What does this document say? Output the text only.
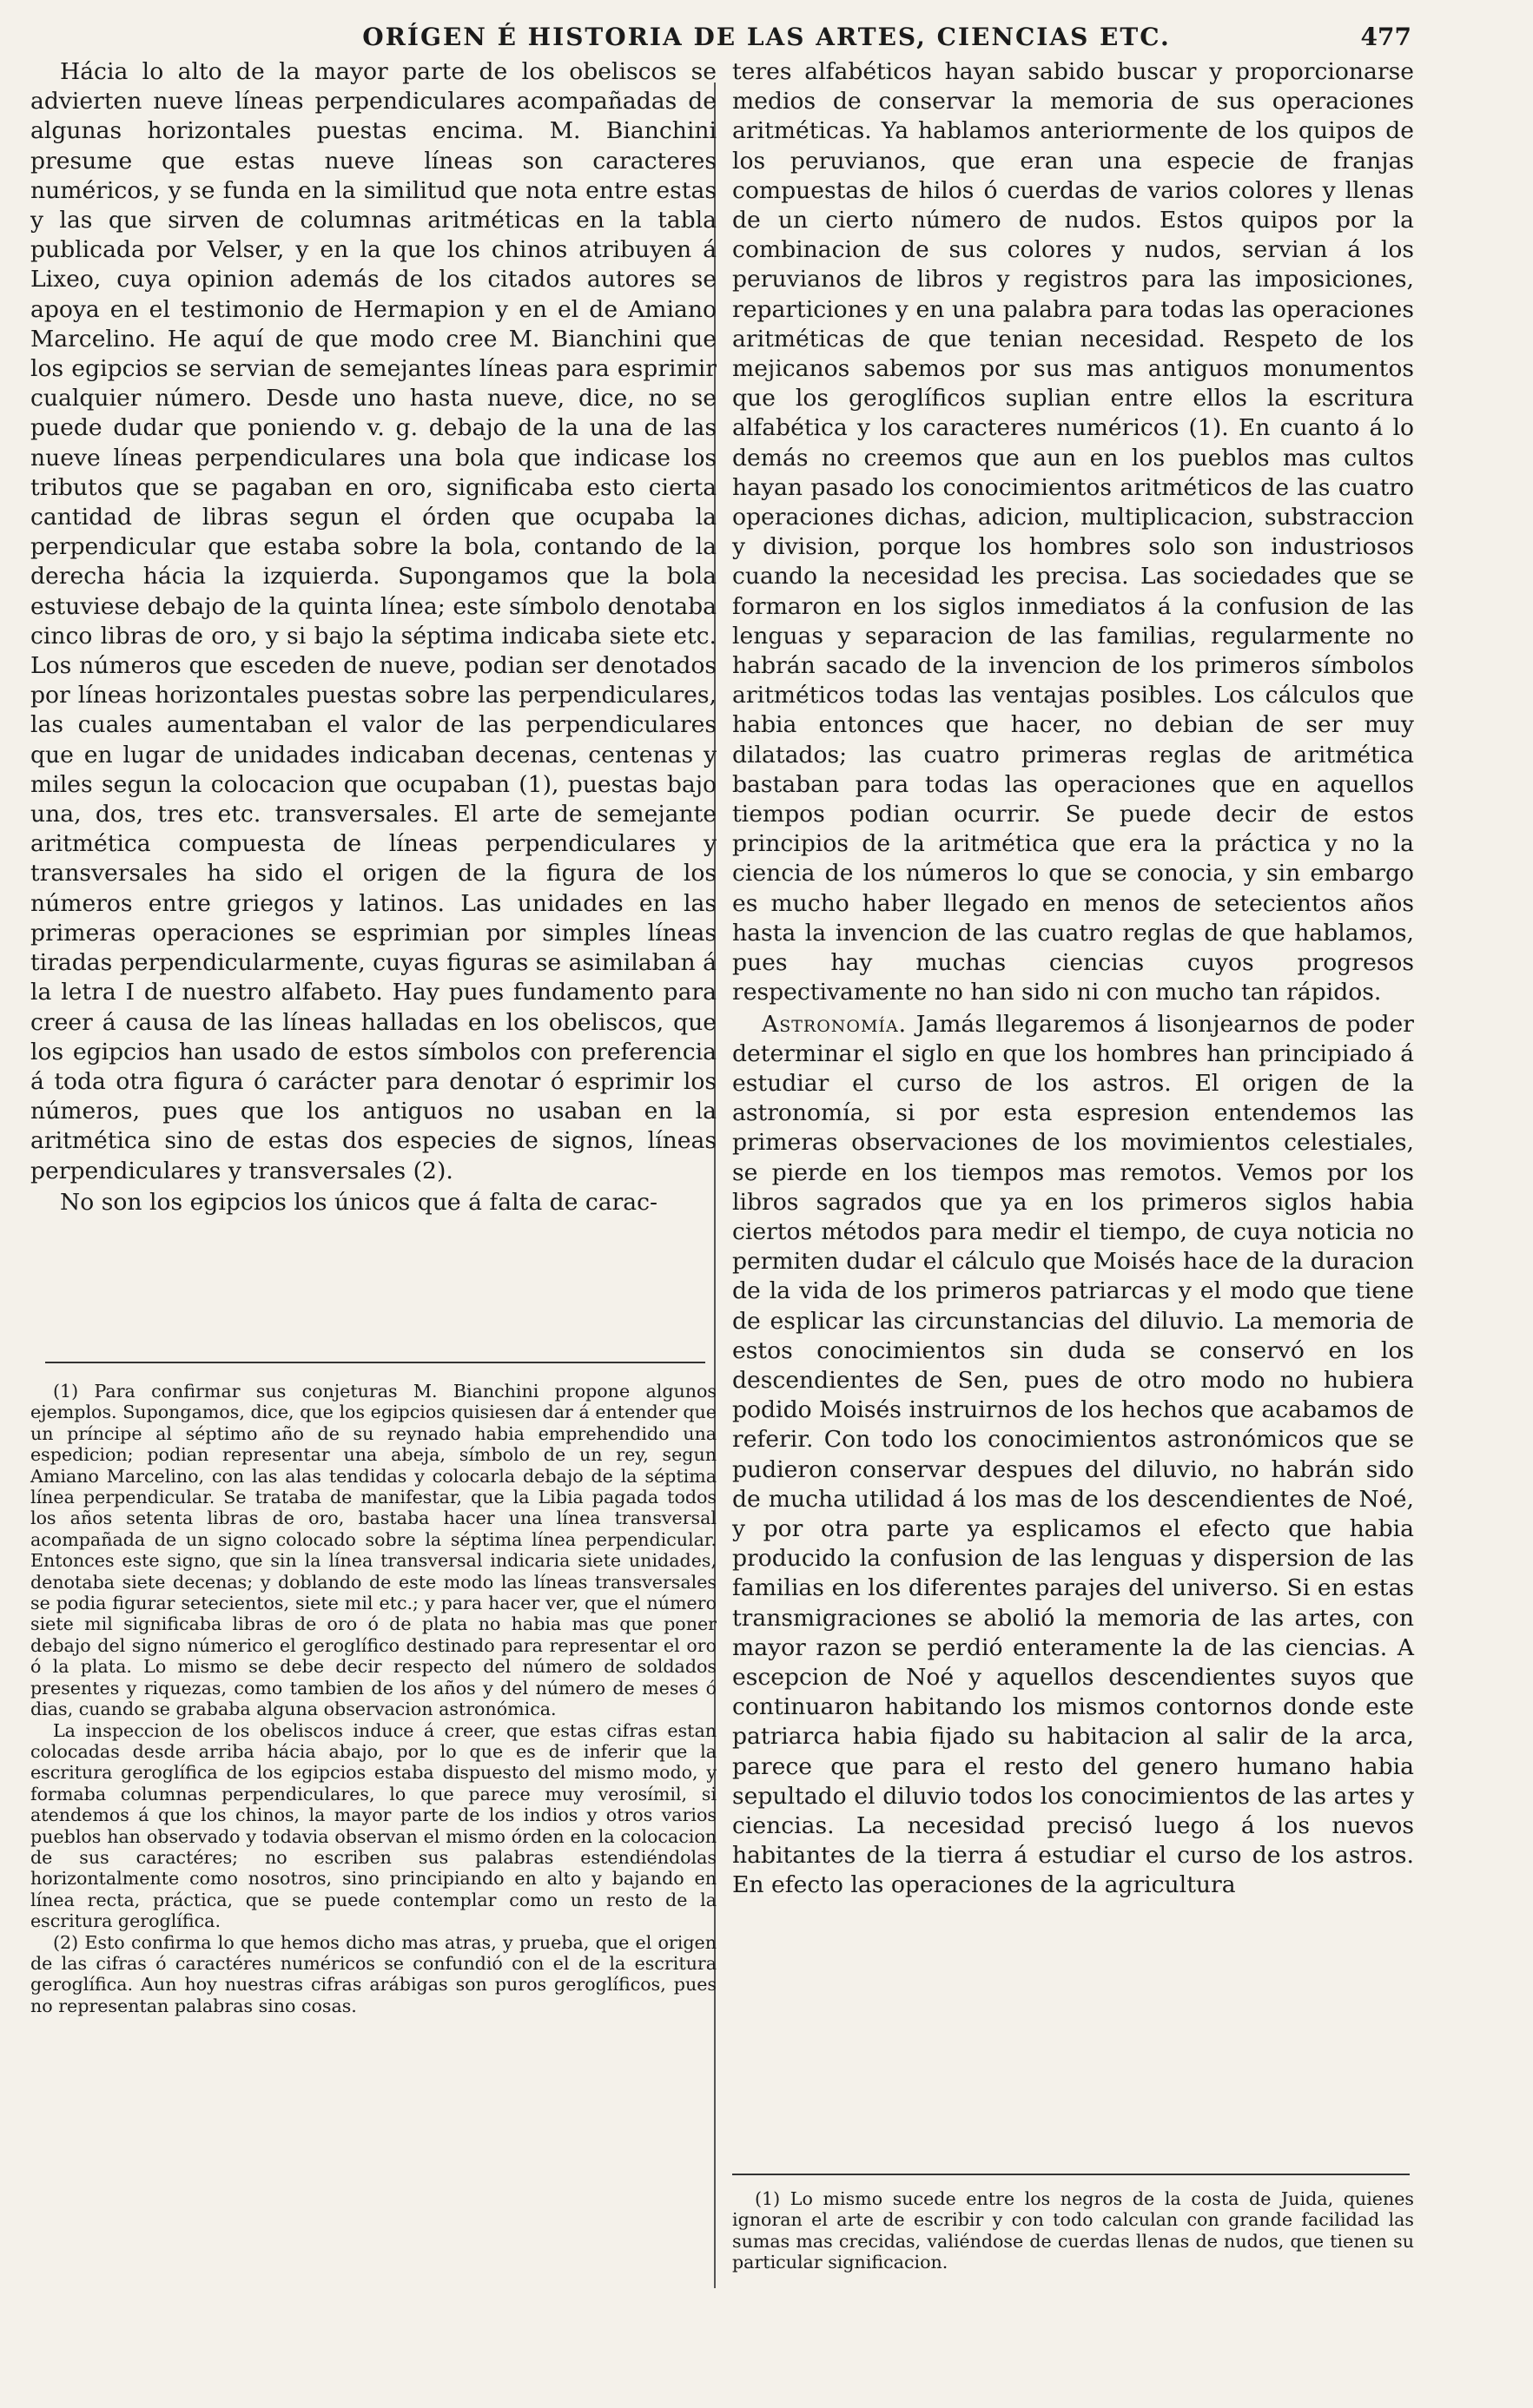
ORÍGEN É HISTORIA DE LAS ARTES, CIENCIAS ETC.	477

Hácia lo alto de la mayor parte de los obeliscos se advierten nueve líneas perpendiculares acompañadas de algunas horizontales puestas encima. M. Bianchini presume que estas nueve líneas son caracteres numéricos, y se funda en la similitud que nota entre estas y las que sirven de columnas aritméticas en la tabla publicada por Velser, y en la que los chinos atribuyen á Lixeo, cuya opinion además de los citados autores se apoya en el testimonio de Hermapion y en el de Amiano Marcelino. He aquí de que modo cree M. Bianchini que los egipcios se servian de semejantes líneas para esprimir cualquier número. Desde uno hasta nueve, dice, no se puede dudar que poniendo v. g. debajo de la una de las nueve líneas perpendiculares una bola que indicase los tributos que se pagaban en oro, significaba esto cierta cantidad de libras segun el órden que ocupaba la perpendicular que estaba sobre la bola, contando de la derecha hácia la izquierda. Supongamos que la bola estuviese debajo de la quinta línea; este símbolo denotaba cinco libras de oro, y si bajo la séptima indicaba siete etc. Los números que esceden de nueve, podian ser denotados por líneas horizontales puestas sobre las perpendiculares, las cuales aumentaban el valor de las perpendiculares que en lugar de unidades indicaban decenas, centenas y miles segun la colocacion que ocupaban (1), puestas bajo una, dos, tres etc. transversales. El arte de semejante aritmética compuesta de líneas perpendiculares y transversales ha sido el origen de la figura de los números entre griegos y latinos. Las unidades en las primeras operaciones se esprimian por simples líneas tiradas perpendicularmente, cuyas figuras se asimilaban á la letra I de nuestro alfabeto. Hay pues fundamento para creer á causa de las líneas halladas en los obeliscos, que los egipcios han usado de estos símbolos con preferencia á toda otra figura ó carácter para denotar ó esprimir los números, pues que los antiguos no usaban en la aritmética sino de estas dos especies de signos, líneas perpendiculares y transversales (2).

No son los egipcios los únicos que á falta de carac-

(1) Para confirmar sus conjeturas M. Bianchini propone algunos ejemplos. Supongamos, dice, que los egipcios quisiesen dar á entender que un príncipe al séptimo año de su reynado habia emprehendido una espedicion; podian representar una abeja, símbolo de un rey, segun Amiano Marcelino, con las alas tendidas y colocarla debajo de la séptima línea perpendicular. Se trataba de manifestar, que la Libia pagada todos los años setenta libras de oro, bastaba hacer una línea transversal acompañada de un signo colocado sobre la séptima línea perpendicular. Entonces este signo, que sin la línea transversal indicaria siete unidades, denotaba siete decenas; y doblando de este modo las líneas transversales se podia figurar setecientos, siete mil etc.; y para hacer ver, que el número siete mil significaba libras de oro ó de plata no habia mas que poner debajo del signo númerico el geroglífico destinado para representar el oro ó la plata. Lo mismo se debe decir respecto del número de soldados presentes y riquezas, como tambien de los años y del número de meses ó dias, cuando se grababa alguna observacion astronómica.

La inspeccion de los obeliscos induce á creer, que estas cifras estan colocadas desde arriba hácia abajo, por lo que es de inferir que la escritura geroglífica de los egipcios estaba dispuesto del mismo modo, y formaba columnas perpendiculares, lo que parece muy verosímil, si atendemos á que los chinos, la mayor parte de los indios y otros varios pueblos han observado y todavia observan el mismo órden en la colocacion de sus caractéres; no escriben sus palabras estendiéndolas horizontalmente como nosotros, sino principiando en alto y bajando en línea recta, práctica, que se puede contemplar como un resto de la escritura geroglífica.

(2) Esto confirma lo que hemos dicho mas atras, y prueba, que el origen de las cifras ó caractéres numéricos se confundió con el de la escritura geroglífica. Aun hoy nuestras cifras arábigas son puros geroglíficos, pues no representan palabras sino cosas.

teres alfabéticos hayan sabido buscar y proporcionarse medios de conservar la memoria de sus operaciones aritméticas. Ya hablamos anteriormente de los quipos de los peruvianos, que eran una especie de franjas compuestas de hilos ó cuerdas de varios colores y llenas de un cierto número de nudos. Estos quipos por la combinacion de sus colores y nudos, servian á los peruvianos de libros y registros para las imposiciones, reparticiones y en una palabra para todas las operaciones aritméticas de que tenian necesidad. Respeto de los mejicanos sabemos por sus mas antiguos monumentos que los geroglíficos suplian entre ellos la escritura alfabética y los caracteres numéricos (1). En cuanto á lo demás no creemos que aun en los pueblos mas cultos hayan pasado los conocimientos aritméticos de las cuatro operaciones dichas, adicion, multiplicacion, substraccion y division, porque los hombres solo son industriosos cuando la necesidad les precisa. Las sociedades que se formaron en los siglos inmediatos á la confusion de las lenguas y separacion de las familias, regularmente no habrán sacado de la invencion de los primeros símbolos aritméticos todas las ventajas posibles. Los cálculos que habia entonces que hacer, no debian de ser muy dilatados; las cuatro primeras reglas de aritmética bastaban para todas las operaciones que en aquellos tiempos podian ocurrir. Se puede decir de estos principios de la aritmética que era la práctica y no la ciencia de los números lo que se conocia, y sin embargo es mucho haber llegado en menos de setecientos años hasta la invencion de las cuatro reglas de que hablamos, pues hay muchas ciencias cuyos progresos respectivamente no han sido ni con mucho tan rápidos.

Astronomía. Jamás llegaremos á lisonjearnos de poder determinar el siglo en que los hombres han principiado á estudiar el curso de los astros. El origen de la astronomía, si por esta espresion entendemos las primeras observaciones de los movimientos celestiales, se pierde en los tiempos mas remotos. Vemos por los libros sagrados que ya en los primeros siglos habia ciertos métodos para medir el tiempo, de cuya noticia no permiten dudar el cálculo que Moisés hace de la duracion de la vida de los primeros patriarcas y el modo que tiene de esplicar las circunstancias del diluvio. La memoria de estos conocimientos sin duda se conservó en los descendientes de Sen, pues de otro modo no hubiera podido Moisés instruirnos de los hechos que acabamos de referir. Con todo los conocimientos astronómicos que se pudieron conservar despues del diluvio, no habrán sido de mucha utilidad á los mas de los descendientes de Noé, y por otra parte ya esplicamos el efecto que habia producido la confusion de las lenguas y dispersion de las familias en los diferentes parajes del universo. Si en estas transmigraciones se abolió la memoria de las artes, con mayor razon se perdió enteramente la de las ciencias. A escepcion de Noé y aquellos descendientes suyos que continuaron habitando los mismos contornos donde este patriarca habia fijado su habitacion al salir de la arca, parece que para el resto del genero humano habia sepultado el diluvio todos los conocimientos de las artes y ciencias. La necesidad precisó luego á los nuevos habitantes de la tierra á estudiar el curso de los astros. En efecto las operaciones de la agricultura

(1) Lo mismo sucede entre los negros de la costa de Juida, quienes ignoran el arte de escribir y con todo calculan con grande facilidad las sumas mas crecidas, valiéndose de cuerdas llenas de nudos, que tienen su particular significacion.
